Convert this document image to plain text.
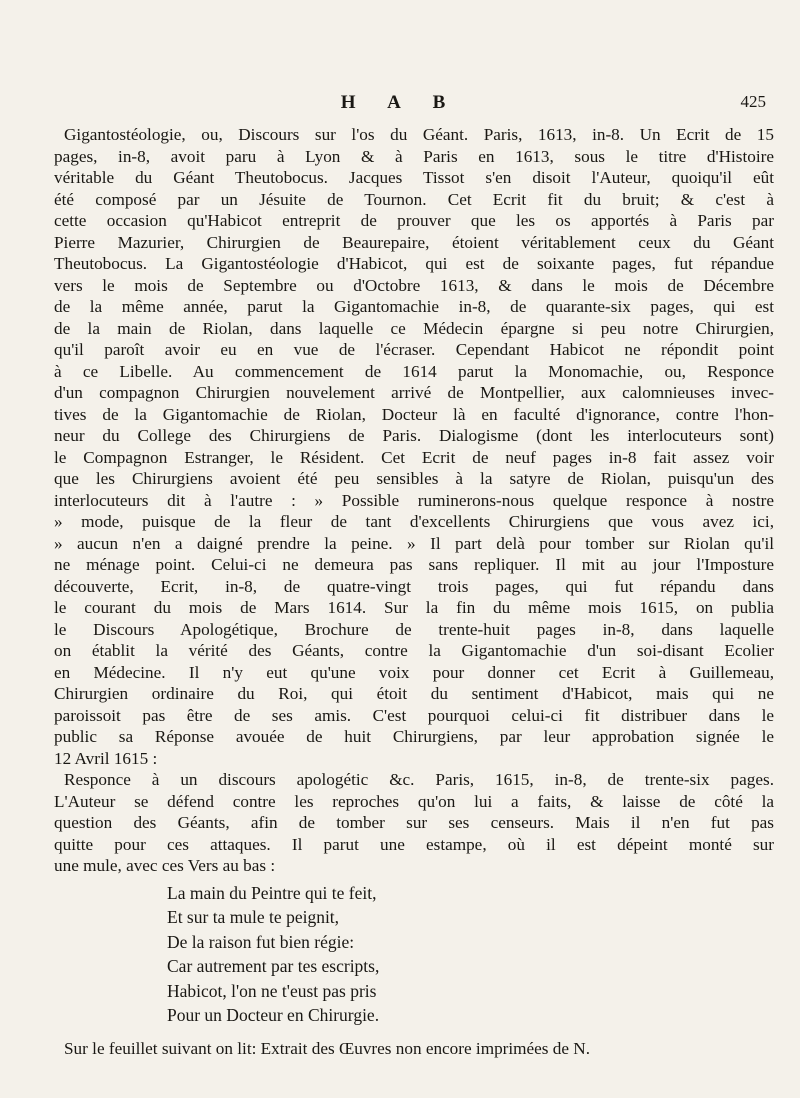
H A B	425
Gigantostéologie, ou, Discours sur l'os du Géant. Paris, 1613, in-8. Un Ecrit de 15
pages, in-8, avoit paru à Lyon & à Paris en 1613, sous le titre d'Histoire
véritable du Géant Theutobocus. Jacques Tissot s'en disoit l'Auteur, quoiqu'il eût
été composé par un Jésuite de Tournon. Cet Ecrit fit du bruit; & c'est à
cette occasion qu'Habicot entreprit de prouver que les os apportés à Paris par
Pierre Mazurier, Chirurgien de Beaurepaire, étoient véritablement ceux du Géant
Theutobocus. La Gigantostéologie d'Habicot, qui est de soixante pages, fut répandue
vers le mois de Septembre ou d'Octobre 1613, & dans le mois de Décembre
de la même année, parut la Gigantomachie in-8, de quarante-six pages, qui est
de la main de Riolan, dans laquelle ce Médecin épargne si peu notre Chirurgien,
qu'il paroît avoir eu en vue de l'écraser. Cependant Habicot ne répondit point
à ce Libelle. Au commencement de 1614 parut la Monomachie, ou, Responce
d'un compagnon Chirurgien nouvelement arrivé de Montpellier, aux calomnieuses invec-
tives de la Gigantomachie de Riolan, Docteur là en faculté d'ignorance, contre l'hon-
neur du College des Chirurgiens de Paris. Dialogisme (dont les interlocuteurs sont)
le Compagnon Estranger, le Résident. Cet Ecrit de neuf pages in-8 fait assez voir
que les Chirurgiens avoient été peu sensibles à la satyre de Riolan, puisqu'un des
interlocuteurs dit à l'autre : » Possible ruminerons-nous quelque responce à nostre
» mode, puisque de la fleur de tant d'excellents Chirurgiens que vous avez ici,
» aucun n'en a daigné prendre la peine. » Il part delà pour tomber sur Riolan qu'il
ne ménage point. Celui-ci ne demeura pas sans repliquer. Il mit au jour l'Imposture
découverte, Ecrit, in-8, de quatre-vingt trois pages, qui fut répandu dans
le courant du mois de Mars 1614. Sur la fin du même mois 1615, on publia
le Discours Apologétique, Brochure de trente-huit pages in-8, dans laquelle
on établit la vérité des Géants, contre la Gigantomachie d'un soi-disant Ecolier
en Médecine. Il n'y eut qu'une voix pour donner cet Ecrit à Guillemeau,
Chirurgien ordinaire du Roi, qui étoit du sentiment d'Habicot, mais qui ne
paroissoit pas être de ses amis. C'est pourquoi celui-ci fit distribuer dans le
public sa Réponse avouée de huit Chirurgiens, par leur approbation signée le
12 Avril 1615 :
Responce à un discours apologétic &c. Paris, 1615, in-8, de trente-six pages.
L'Auteur se défend contre les reproches qu'on lui a faits, & laisse de côté la
question des Géants, afin de tomber sur ses censeurs. Mais il n'en fut pas
quitte pour ces attaques. Il parut une estampe, où il est dépeint monté sur
une mule, avec ces Vers au bas :
La main du Peintre qui te feit,
Et sur ta mule te peignit,
De la raison fut bien régie:
Car autrement par tes escripts,
Habicot, l'on ne t'eust pas pris
Pour un Docteur en Chirurgie.
Sur le feuillet suivant on lit: Extrait des Œuvres non encore imprimées de N.
